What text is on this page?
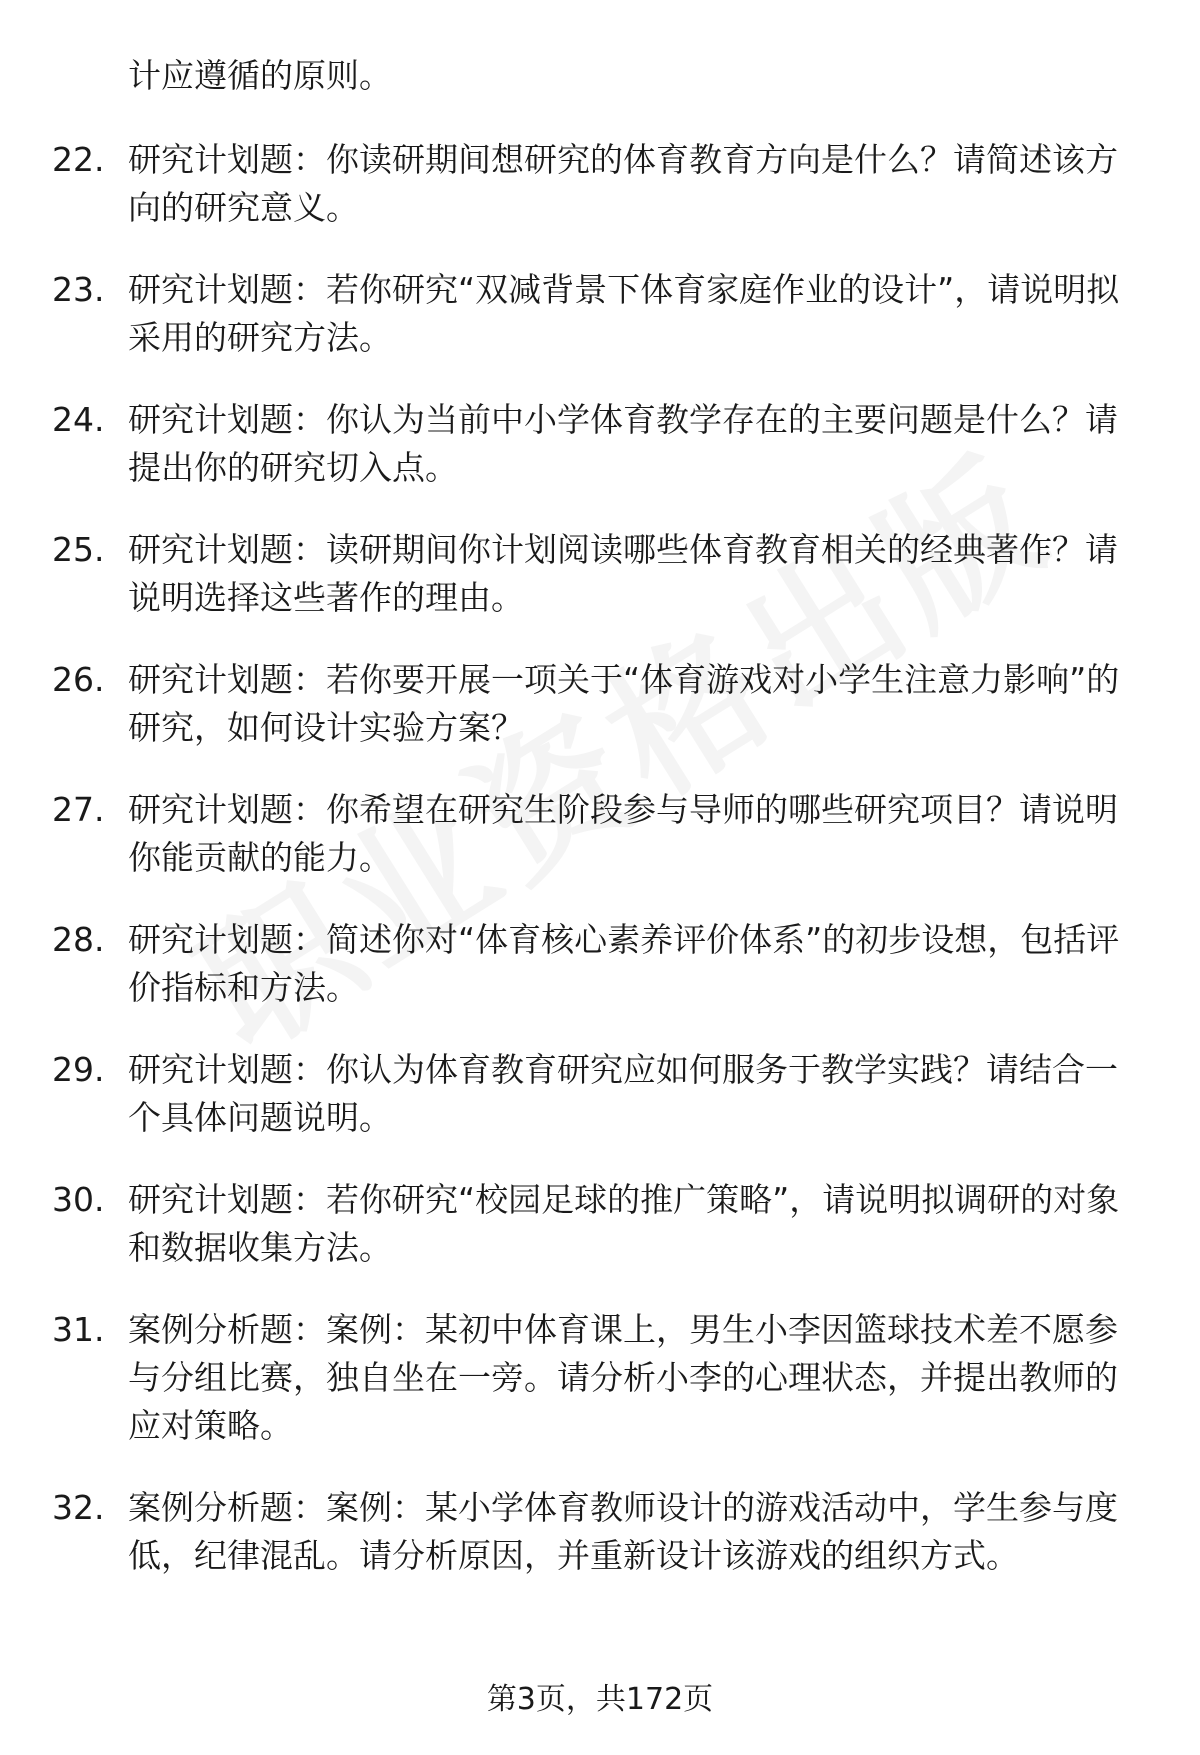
计应遵循的原则。
22. 研究计划题：你读研期间想研究的体育教育方向是什么？请简述该方向的研究意义。
23. 研究计划题：若你研究“双减背景下体育家庭作业的设计”，请说明拟采用的研究方法。
24. 研究计划题：你认为当前中小学体育教学存在的主要问题是什么？请提出你的研究切入点。
25. 研究计划题：读研期间你计划阅读哪些体育教育相关的经典著作？请说明选择这些著作的理由。
26. 研究计划题：若你要开展一项关于“体育游戏对小学生注意力影响”的研究，如何设计实验方案？
27. 研究计划题：你希望在研究生阶段参与导师的哪些研究项目？请说明你能贡献的能力。
28. 研究计划题：简述你对“体育核心素养评价体系”的初步设想，包括评价指标和方法。
29. 研究计划题：你认为体育教育研究应如何服务于教学实践？请结合一个具体问题说明。
30. 研究计划题：若你研究“校园足球的推广策略”，请说明拟调研的对象和数据收集方法。
31. 案例分析题：案例：某初中体育课上，男生小李因篮球技术差不愿参与分组比赛，独自坐在一旁。请分析小李的心理状态，并提出教师的应对策略。
32. 案例分析题：案例：某小学体育教师设计的游戏活动中，学生参与度低，纪律混乱。请分析原因，并重新设计该游戏的组织方式。
第3页，共172页
